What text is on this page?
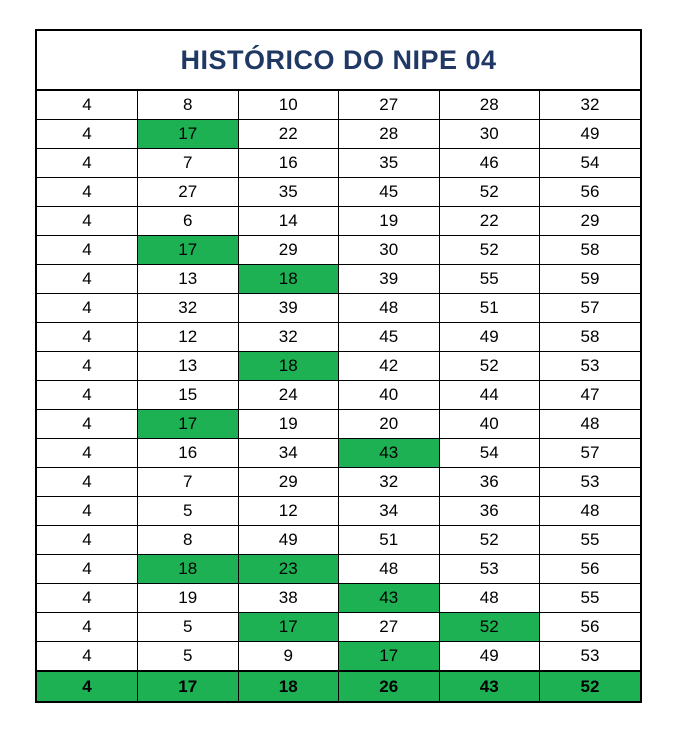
HISTÓRICO DO NIPE 04
4	8	10	27	28	32
4	17	22	28	30	49
4	7	16	35	46	54
4	27	35	45	52	56
4	6	14	19	22	29
4	17	29	30	52	58
4	13	18	39	55	59
4	32	39	48	51	57
4	12	32	45	49	58
4	13	18	42	52	53
4	15	24	40	44	47
4	17	19	20	40	48
4	16	34	43	54	57
4	7	29	32	36	53
4	5	12	34	36	48
4	8	49	51	52	55
4	18	23	48	53	56
4	19	38	43	48	55
4	5	17	27	52	56
4	5	9	17	49	53
4	17	18	26	43	52
